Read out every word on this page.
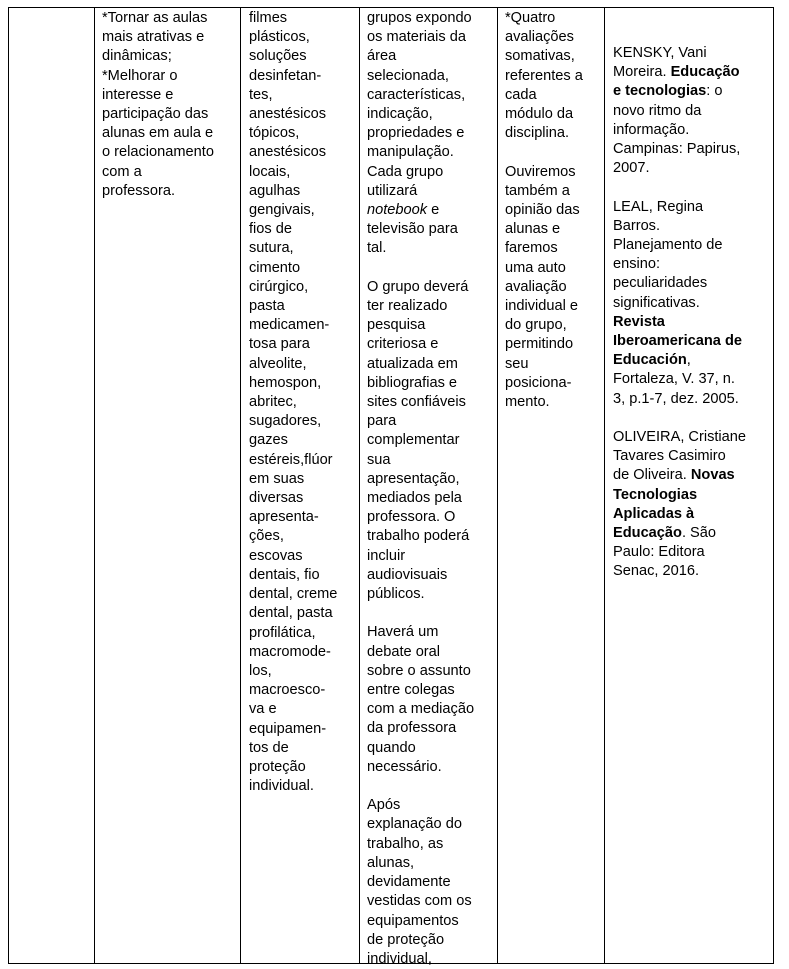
*Tornar as aulas
mais atrativas e
dinâmicas;
*Melhorar o
interesse e
participação das
alunas em aula e
o relacionamento
com a
professora.
filmes
plásticos,
soluções
desinfetan-
tes,
anestésicos
tópicos,
anestésicos
locais,
agulhas
gengivais,
fios de
sutura,
cimento
cirúrgico,
pasta
medicamen-
tosa para
alveolite,
hemospon,
abritec,
sugadores,
gazes
estéreis,flúor
em suas
diversas
apresenta-
ções,
escovas
dentais, fio
dental, creme
dental, pasta
profilática,
macromode-
los,
macroesco-
va e
equipamen-
tos de
proteção
individual.
grupos expondo
os materiais da
área
selecionada,
características,
indicação,
propriedades e
manipulação.
Cada grupo
utilizará
notebook e
televisão para
tal.
O grupo deverá
ter realizado
pesquisa
criteriosa e
atualizada em
bibliografias e
sites confiáveis
para
complementar
sua
apresentação,
mediados pela
professora. O
trabalho poderá
incluir
audiovisuais
públicos.
Haverá um
debate oral
sobre o assunto
entre colegas
com a mediação
da professora
quando
necessário.
Após
explanação do
trabalho, as
alunas,
devidamente
vestidas com os
equipamentos
de proteção
individual,
*Quatro
avaliações
somativas,
referentes a
cada
módulo da
disciplina.
Ouviremos
também a
opinião das
alunas e
faremos
uma auto
avaliação
individual e
do grupo,
permitindo
seu
posiciona-
mento.
KENSKY, Vani
Moreira. Educação
e tecnologias: o
novo ritmo da
informação.
Campinas: Papirus,
2007.
LEAL, Regina
Barros.
Planejamento de
ensino:
peculiaridades
significativas.
Revista
Iberoamericana de
Educación,
Fortaleza, V. 37, n.
3, p.1-7, dez. 2005.
OLIVEIRA, Cristiane
Tavares Casimiro
de Oliveira. Novas
Tecnologias
Aplicadas à
Educação. São
Paulo: Editora
Senac, 2016.
